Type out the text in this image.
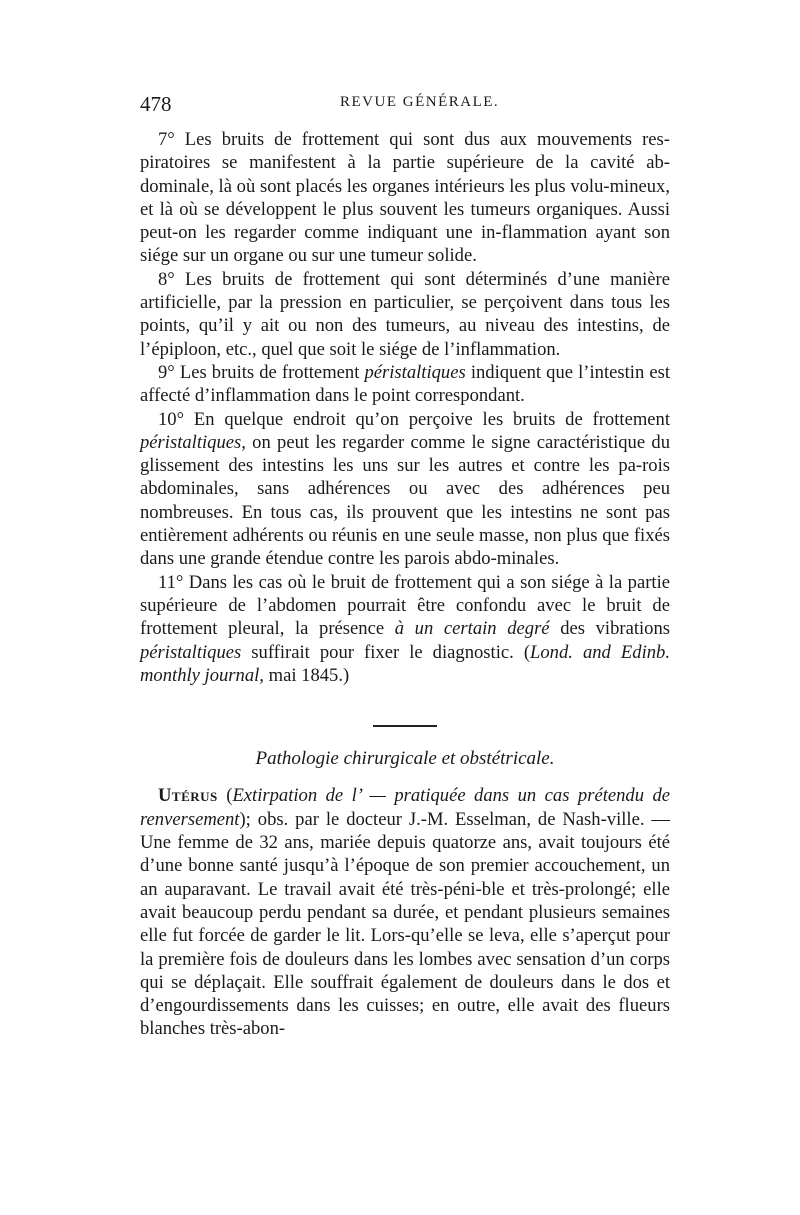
478	REVUE GÉNÉRALE.

7° Les bruits de frottement qui sont dus aux mouvements res-piratoires se manifestent à la partie supérieure de la cavité ab-dominale, là où sont placés les organes intérieurs les plus volu-mineux, et là où se développent le plus souvent les tumeurs organiques. Aussi peut-on les regarder comme indiquant une in-flammation ayant son siége sur un organe ou sur une tumeur solide.

8° Les bruits de frottement qui sont déterminés d’une manière artificielle, par la pression en particulier, se perçoivent dans tous les points, qu’il y ait ou non des tumeurs, au niveau des intestins, de l’épiploon, etc., quel que soit le siége de l’inflammation.

9° Les bruits de frottement péristaltiques indiquent que l’intestin est affecté d’inflammation dans le point correspondant.

10° En quelque endroit qu’on perçoive les bruits de frottement péristaltiques, on peut les regarder comme le signe caractéristique du glissement des intestins les uns sur les autres et contre les pa-rois abdominales, sans adhérences ou avec des adhérences peu nombreuses. En tous cas, ils prouvent que les intestins ne sont pas entièrement adhérents ou réunis en une seule masse, non plus que fixés dans une grande étendue contre les parois abdo-minales.

11° Dans les cas où le bruit de frottement qui a son siége à la partie supérieure de l’abdomen pourrait être confondu avec le bruit de frottement pleural, la présence à un certain degré des vibrations péristaltiques suffirait pour fixer le diagnostic. (Lond. and Edinb. monthly journal, mai 1845.)

Pathologie chirurgicale et obstétricale.

Utérus (Extirpation de l’ — pratiquée dans un cas prétendu de renversement); obs. par le docteur J.-M. Esselman, de Nash-ville. — Une femme de 32 ans, mariée depuis quatorze ans, avait toujours été d’une bonne santé jusqu’à l’époque de son premier accouchement, un an auparavant. Le travail avait été très-péni-ble et très-prolongé; elle avait beaucoup perdu pendant sa durée, et pendant plusieurs semaines elle fut forcée de garder le lit. Lors-qu’elle se leva, elle s’aperçut pour la première fois de douleurs dans les lombes avec sensation d’un corps qui se déplaçait. Elle souffrait également de douleurs dans le dos et d’engourdissements dans les cuisses; en outre, elle avait des flueurs blanches très-abon-
